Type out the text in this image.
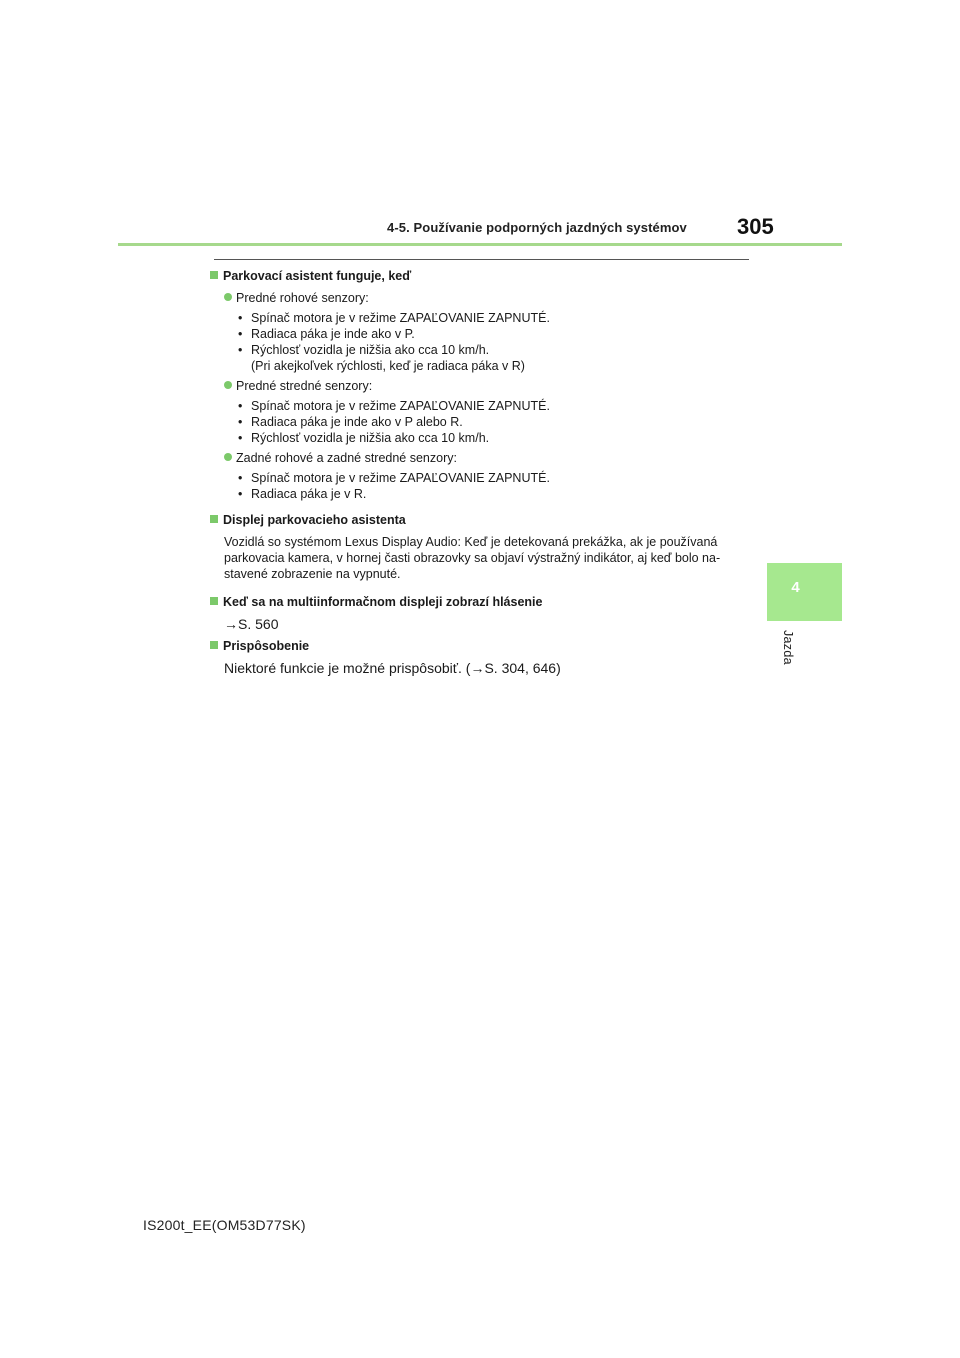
4-5. Používanie podporných jazdných systémov 305
4
Jazda
Parkovací asistent funguje, keď
Predné rohové senzory:
• Spínač motora je v režime ZAPAĽOVANIE ZAPNUTÉ.
• Radiaca páka je inde ako v P.
• Rýchlosť vozidla je nižšia ako cca 10 km/h.
(Pri akejkoľvek rýchlosti, keď je radiaca páka v R)
Predné stredné senzory:
• Spínač motora je v režime ZAPAĽOVANIE ZAPNUTÉ.
• Radiaca páka je inde ako v P alebo R.
• Rýchlosť vozidla je nižšia ako cca 10 km/h.
Zadné rohové a zadné stredné senzory:
• Spínač motora je v režime ZAPAĽOVANIE ZAPNUTÉ.
• Radiaca páka je v R.
Displej parkovacieho asistenta
Vozidlá so systémom Lexus Display Audio: Keď je detekovaná prekážka, ak je používaná parkovacia kamera, v hornej časti obrazovky sa objaví výstražný indikátor, aj keď bolo na-stavené zobrazenie na vypnuté.
Keď sa na multiinformačnom displeji zobrazí hlásenie
→S. 560
Prispôsobenie
Niektoré funkcie je možné prispôsobiť. (→S. 304, 646)
IS200t_EE(OM53D77SK)
